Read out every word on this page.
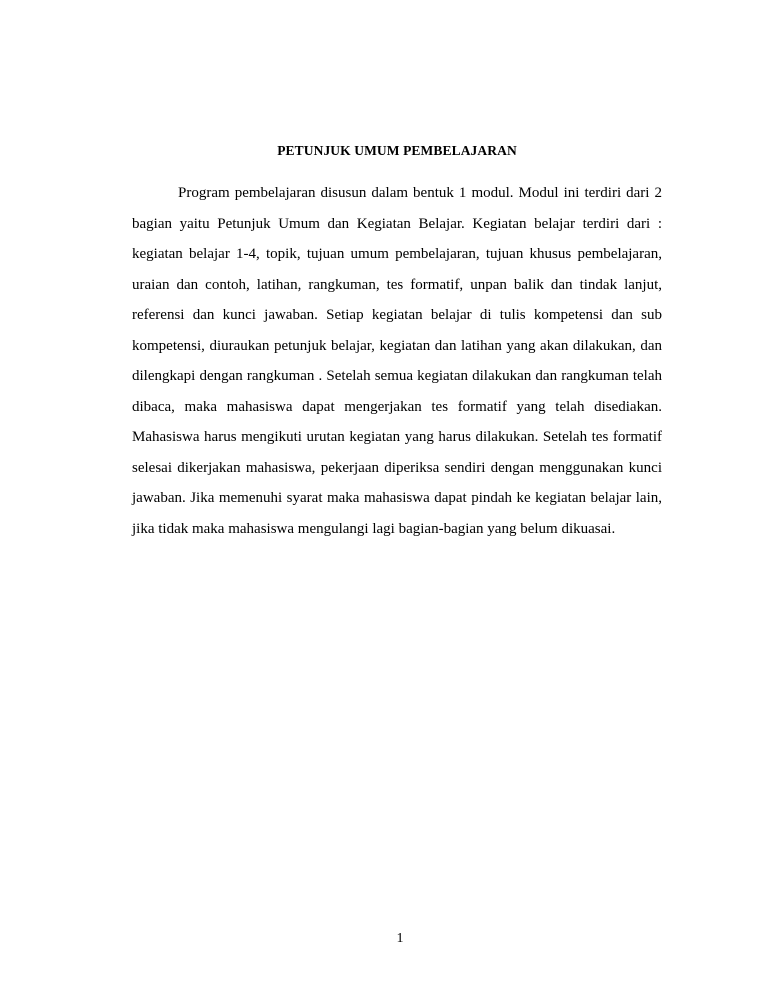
PETUNJUK UMUM PEMBELAJARAN

Program pembelajaran disusun dalam bentuk 1 modul. Modul ini terdiri dari 2 bagian yaitu Petunjuk Umum dan Kegiatan Belajar. Kegiatan belajar terdiri dari : kegiatan belajar 1-4, topik, tujuan umum pembelajaran, tujuan khusus pembelajaran, uraian dan contoh, latihan, rangkuman, tes formatif, unpan balik dan tindak lanjut, referensi dan kunci jawaban. Setiap kegiatan belajar di tulis kompetensi dan sub kompetensi, diuraukan petunjuk belajar, kegiatan dan latihan yang akan dilakukan, dan dilengkapi dengan rangkuman . Setelah semua kegiatan dilakukan dan rangkuman telah dibaca, maka mahasiswa dapat mengerjakan tes formatif yang telah disediakan. Mahasiswa harus mengikuti urutan kegiatan yang harus dilakukan. Setelah tes formatif selesai dikerjakan mahasiswa, pekerjaan diperiksa sendiri dengan menggunakan kunci jawaban. Jika memenuhi syarat maka mahasiswa dapat pindah ke kegiatan belajar lain, jika tidak maka mahasiswa mengulangi lagi bagian-bagian yang belum dikuasai.

1
